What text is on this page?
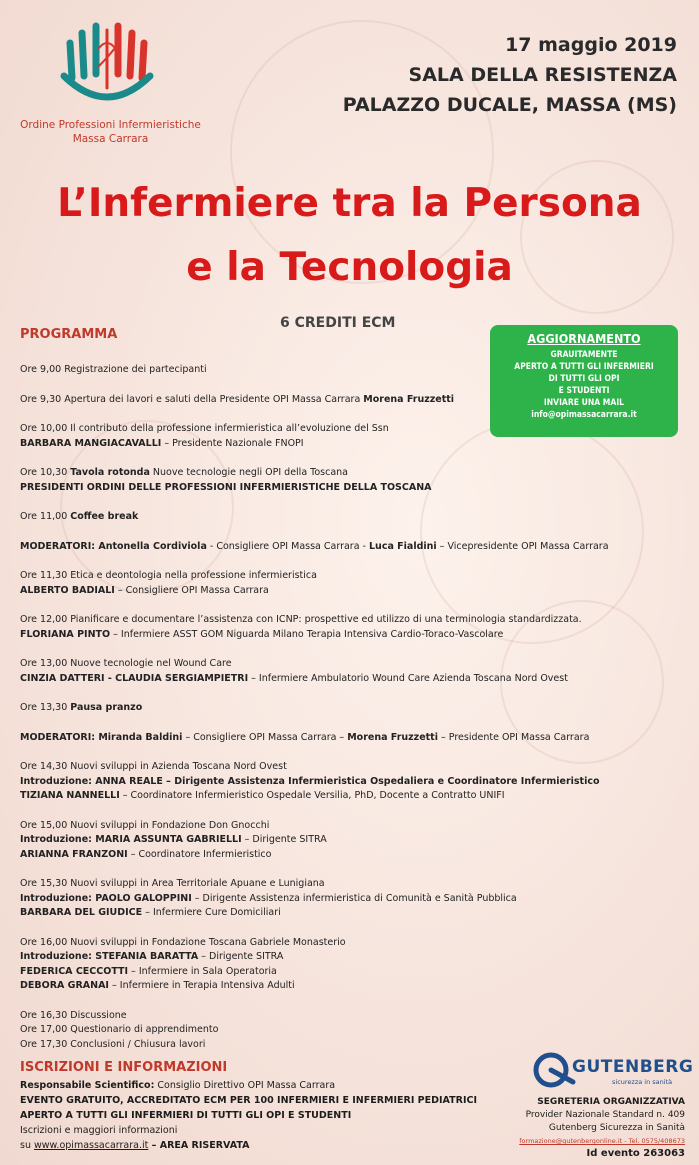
Ordine Professioni Infermieristiche
Massa Carrara
17 maggio 2019
SALA DELLA RESISTENZA
PALAZZO DUCALE, MASSA (MS)
L’Infermiere tra la Persona
e la Tecnologia
6 CREDITI ECM
PROGRAMMA	AGGIORNAMENTO
GRAUITAMENTE
APERTO A TUTTI GLI INFERMIERI
DI TUTTI GLI OPI
E STUDENTI
INVIARE UNA MAIL
info@opimassacarrara.it
Ore 9,00 Registrazione dei partecipanti
Ore 9,30 Apertura dei lavori e saluti della Presidente OPI Massa Carrara Morena Fruzzetti
Ore 10,00 Il contributo della professione infermieristica all’evoluzione del Ssn
BARBARA MANGIACAVALLI – Presidente Nazionale FNOPI
Ore 10,30 Tavola rotonda Nuove tecnologie negli OPI della Toscana
PRESIDENTI ORDINI DELLE PROFESSIONI INFERMIERISTICHE DELLA TOSCANA
Ore 11,00 Coffee break
MODERATORI: Antonella Cordiviola - Consigliere OPI Massa Carrara - Luca Fialdini – Vicepresidente OPI Massa Carrara
Ore 11,30 Etica e deontologia nella professione infermieristica
ALBERTO BADIALI – Consigliere OPI Massa Carrara
Ore 12,00 Pianificare e documentare l’assistenza con ICNP: prospettive ed utilizzo di una terminologia standardizzata.
FLORIANA PINTO – Infermiere ASST GOM Niguarda Milano Terapia Intensiva Cardio-Toraco-Vascolare
Ore 13,00 Nuove tecnologie nel Wound Care
CINZIA DATTERI - CLAUDIA SERGIAMPIETRI – Infermiere Ambulatorio Wound Care Azienda Toscana Nord Ovest
Ore 13,30 Pausa pranzo
MODERATORI: Miranda Baldini – Consigliere OPI Massa Carrara – Morena Fruzzetti – Presidente OPI Massa Carrara
Ore 14,30 Nuovi sviluppi in Azienda Toscana Nord Ovest
Introduzione: ANNA REALE – Dirigente Assistenza Infermieristica Ospedaliera e Coordinatore Infermieristico
TIZIANA NANNELLI – Coordinatore Infermieristico Ospedale Versilia, PhD, Docente a Contratto UNIFI
Ore 15,00 Nuovi sviluppi in Fondazione Don Gnocchi
Introduzione: MARIA ASSUNTA GABRIELLI – Dirigente SITRA
ARIANNA FRANZONI – Coordinatore Infermieristico
Ore 15,30 Nuovi sviluppi in Area Territoriale Apuane e Lunigiana
Introduzione: PAOLO GALOPPINI – Dirigente Assistenza infermieristica di Comunità e Sanità Pubblica
BARBARA DEL GIUDICE – Infermiere Cure Domiciliari
Ore 16,00 Nuovi sviluppi in Fondazione Toscana Gabriele Monasterio
Introduzione: STEFANIA BARATTA – Dirigente SITRA
FEDERICA CECCOTTI – Infermiere in Sala Operatoria
DEBORA GRANAI – Infermiere in Terapia Intensiva Adulti
Ore 16,30 Discussione
Ore 17,00 Questionario di apprendimento
Ore 17,30 Conclusioni / Chiusura lavori
ISCRIZIONI E INFORMAZIONI
Responsabile Scientifico: Consiglio Direttivo OPI Massa Carrara
EVENTO GRATUITO, ACCREDITATO ECM PER 100 INFERMIERI E INFERMIERI PEDIATRICI
APERTO A TUTTI GLI INFERMIERI DI TUTTI GLI OPI E STUDENTI
Iscrizioni e maggiori informazioni
su www.opimassacarrara.it – AREA RISERVATA
GUTENBERG
sicurezza in sanità
SEGRETERIA ORGANIZZATIVA
Provider Nazionale Standard n. 409
Gutenberg Sicurezza in Sanità
formazione@gutenbergonline.it - Tel. 0575/408673
Id evento 263063
